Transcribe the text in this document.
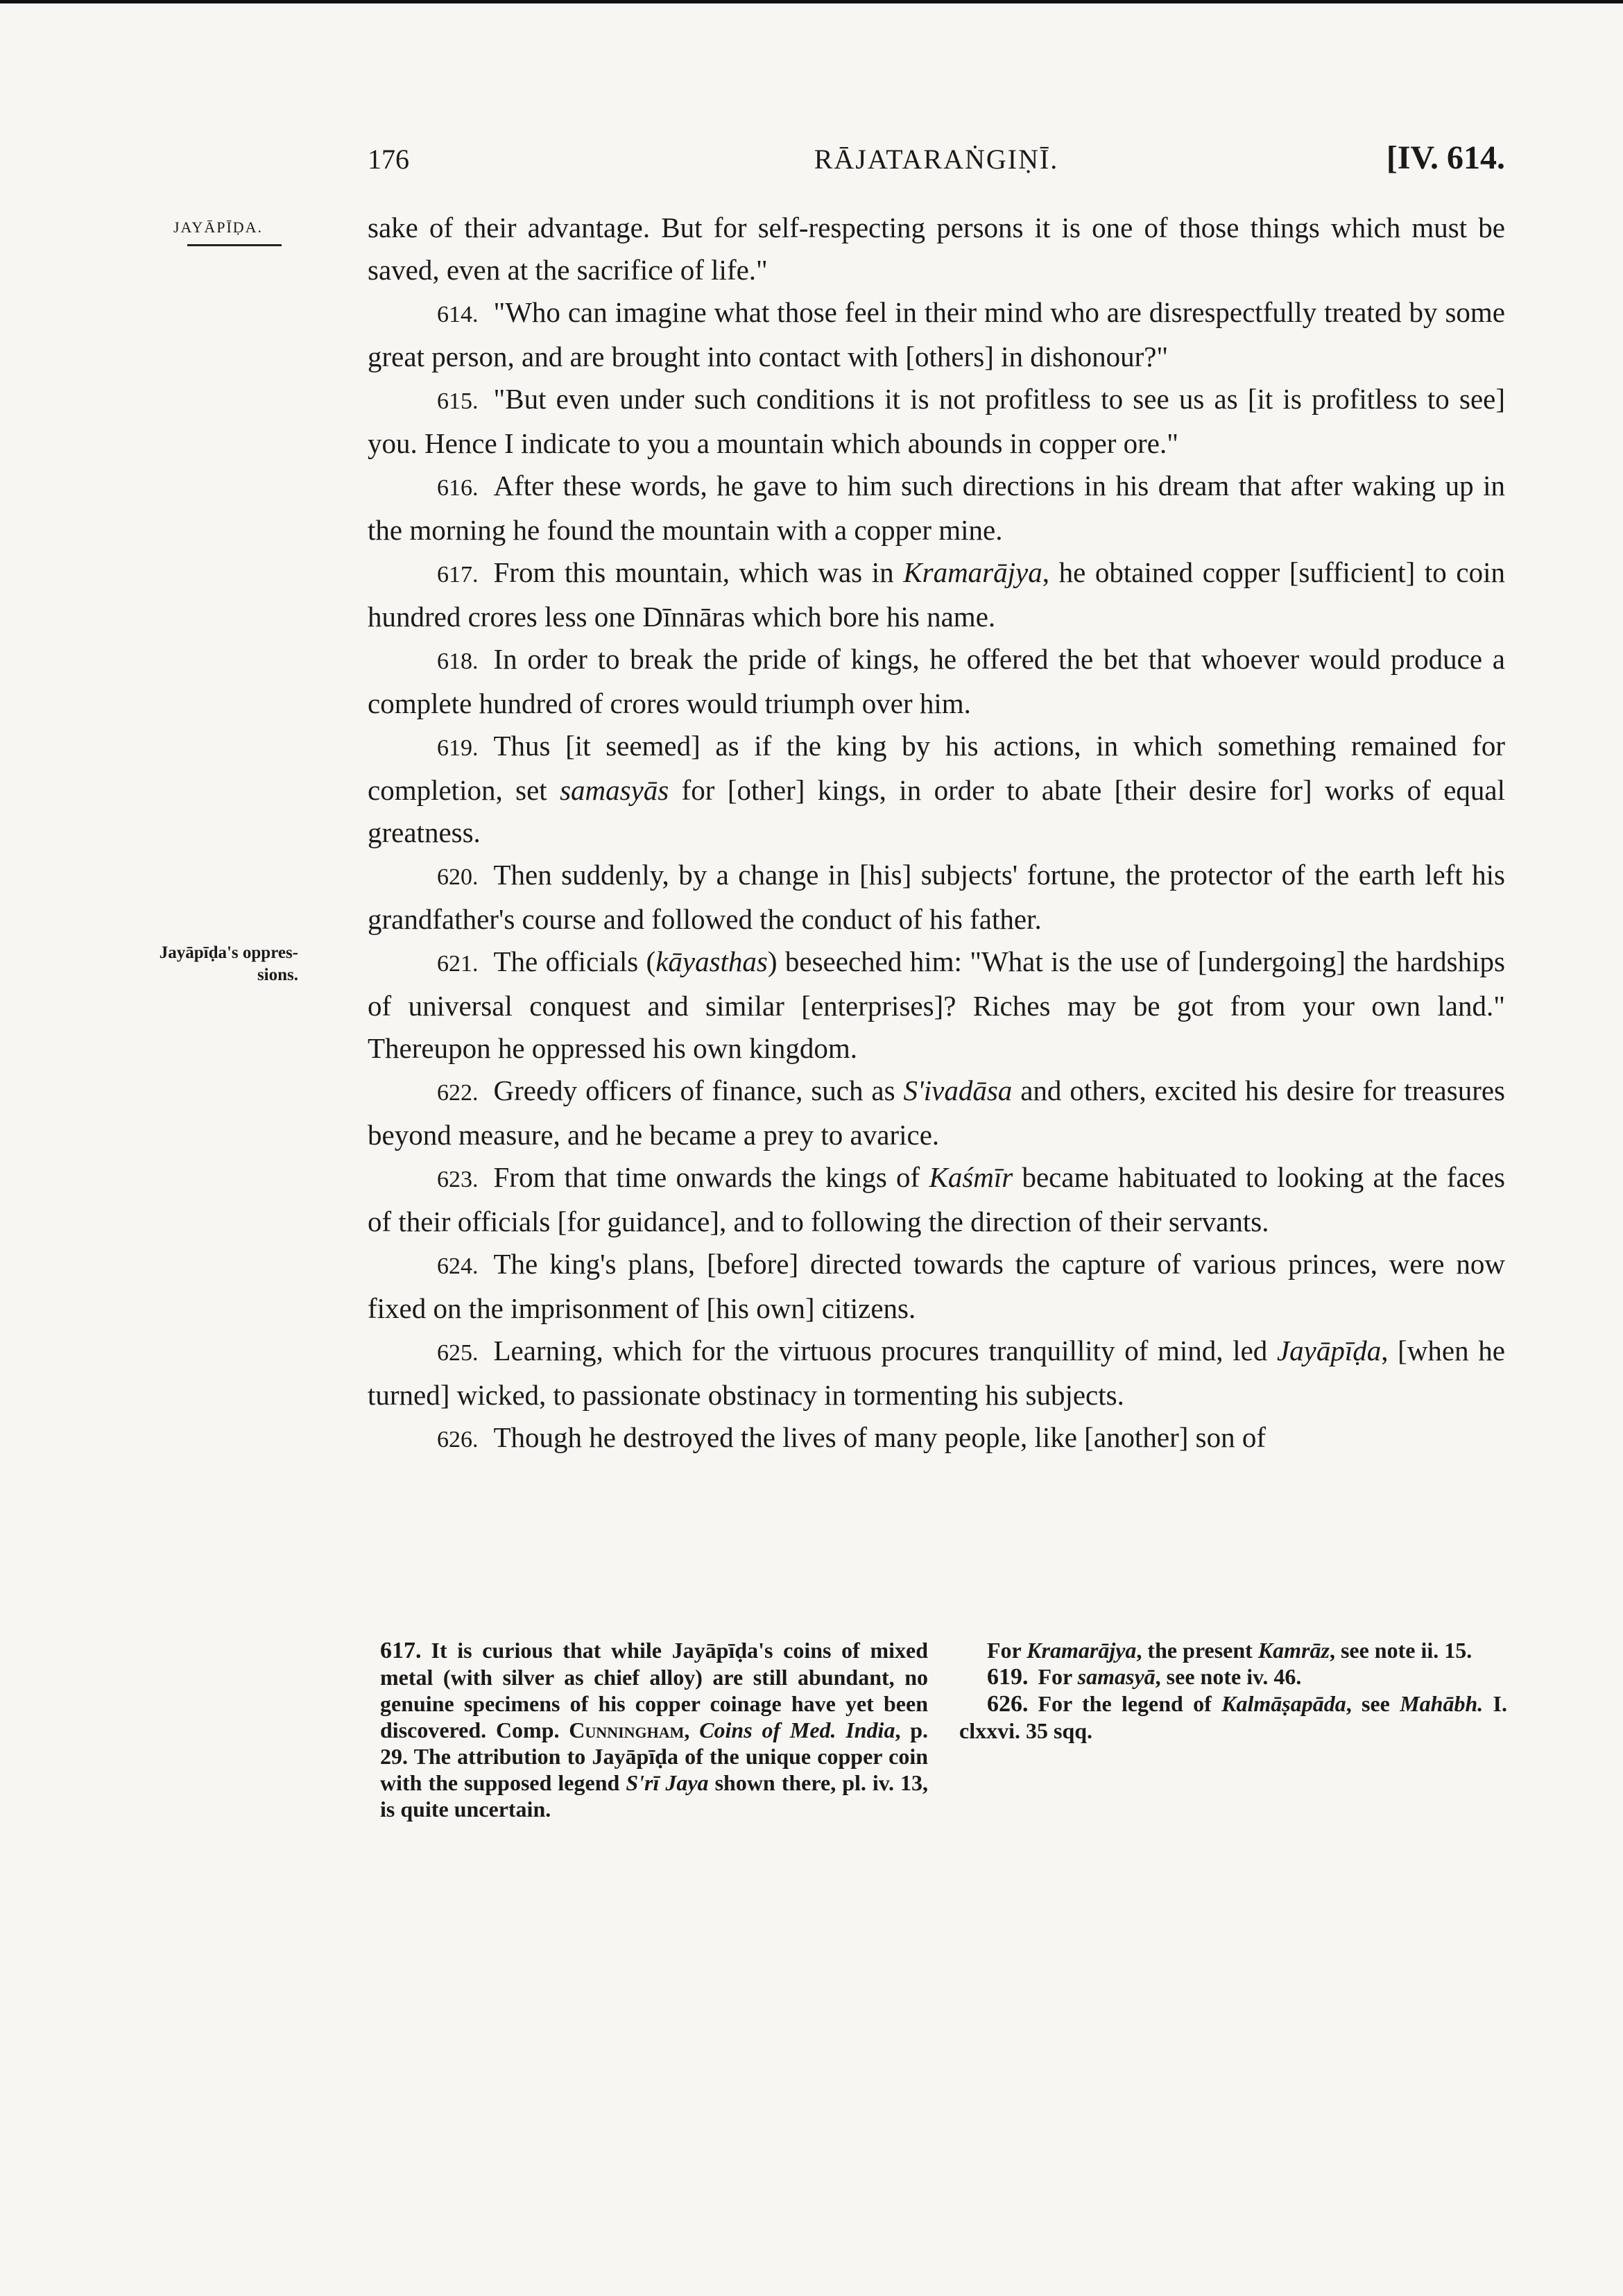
176	RĀJATARAṄGIṆĪ.	[IV. 614.
JAYĀPĪḌA.
Jayāpīḍa's oppres-sions.

sake of their advantage. But for self-respecting persons it is one of those things which must be saved, even at the sacrifice of life."

614. "Who can imagine what those feel in their mind who are disrespectfully treated by some great person, and are brought into contact with [others] in dishonour?"

615. "But even under such conditions it is not profitless to see us as [it is profitless to see] you. Hence I indicate to you a mountain which abounds in copper ore."

616. After these words, he gave to him such directions in his dream that after waking up in the morning he found the mountain with a copper mine.

617. From this mountain, which was in Kramarājya, he obtained copper [sufficient] to coin hundred crores less one Dīnnāras which bore his name.

618. In order to break the pride of kings, he offered the bet that whoever would produce a complete hundred of crores would triumph over him.

619. Thus [it seemed] as if the king by his actions, in which something remained for completion, set samasyās for [other] kings, in order to abate [their desire for] works of equal greatness.

620. Then suddenly, by a change in [his] subjects' fortune, the protector of the earth left his grandfather's course and followed the conduct of his father.

621. The officials (kāyasthas) beseeched him: "What is the use of [undergoing] the hardships of universal conquest and similar [enterprises]? Riches may be got from your own land." Thereupon he oppressed his own kingdom.

622. Greedy officers of finance, such as S'ivadāsa and others, excited his desire for treasures beyond measure, and he became a prey to avarice.

623. From that time onwards the kings of Kaśmīr became habituated to looking at the faces of their officials [for guidance], and to following the direction of their servants.

624. The king's plans, [before] directed towards the capture of various princes, were now fixed on the imprisonment of [his own] citizens.

625. Learning, which for the virtuous procures tranquillity of mind, led Jayāpīḍa, [when he turned] wicked, to passionate obstinacy in tormenting his subjects.

626. Though he destroyed the lives of many people, like [another] son of

617. It is curious that while Jayāpīḍa's coins of mixed metal (with silver as chief alloy) are still abundant, no genuine specimens of his copper coinage have yet been discovered. Comp. Cunningham, Coins of Med. India, p. 29. The attribution to Jayāpīḍa of the unique copper coin with the supposed legend S'rī Jaya shown there, pl. iv. 13, is quite uncertain.

For Kramarājya, the present Kamrāz, see note ii. 15.

619. For samasyā, see note iv. 46.

626. For the legend of Kalmāṣapāda, see Mahābh. I. clxxvi. 35 sqq.
